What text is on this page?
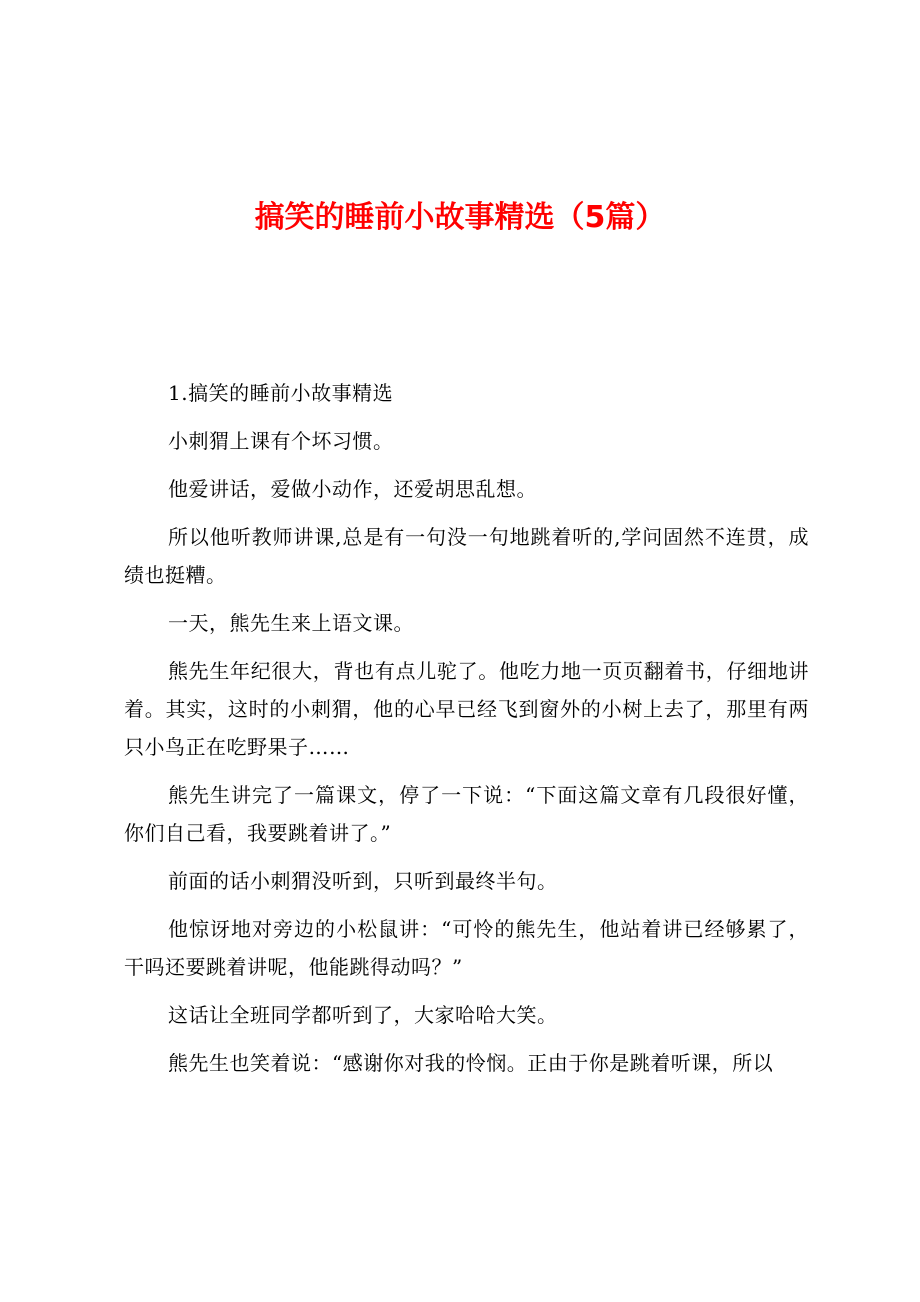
搞笑的睡前小故事精选（5篇）

1.搞笑的睡前小故事精选

小刺猬上课有个坏习惯。

他爱讲话，爱做小动作，还爱胡思乱想。

所以他听教师讲课,总是有一句没一句地跳着听的,学问固然不连贯，成绩也挺糟。

一天，熊先生来上语文课。

熊先生年纪很大，背也有点儿驼了。他吃力地一页页翻着书，仔细地讲着。其实，这时的小刺猬，他的心早已经飞到窗外的小树上去了，那里有两只小鸟正在吃野果子……

熊先生讲完了一篇课文，停了一下说：“下面这篇文章有几段很好懂，你们自己看，我要跳着讲了。”

前面的话小刺猬没听到，只听到最终半句。

他惊讶地对旁边的小松鼠讲：“可怜的熊先生，他站着讲已经够累了，干吗还要跳着讲呢，他能跳得动吗？”

这话让全班同学都听到了，大家哈哈大笑。

熊先生也笑着说：“感谢你对我的怜悯。正由于你是跳着听课，所以
